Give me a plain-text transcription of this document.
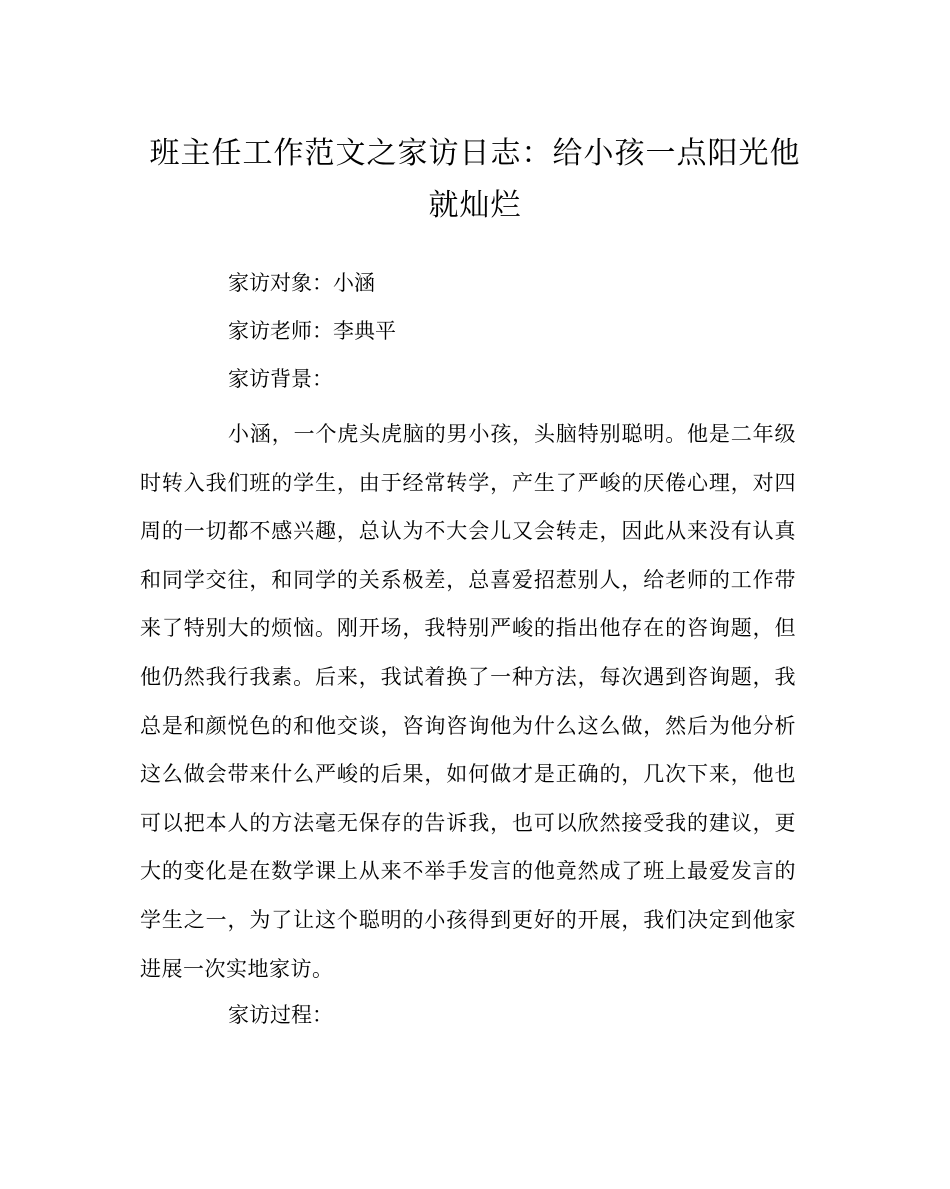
班主任工作范文之家访日志：给小孩一点阳光他就灿烂

家访对象：小涵

家访老师：李典平

家访背景：

小涵，一个虎头虎脑的男小孩，头脑特别聪明。他是二年级时转入我们班的学生，由于经常转学，产生了严峻的厌倦心理，对四周的一切都不感兴趣，总认为不大会儿又会转走，因此从来没有认真和同学交往，和同学的关系极差，总喜爱招惹别人，给老师的工作带来了特别大的烦恼。刚开场，我特别严峻的指出他存在的咨询题，但他仍然我行我素。后来，我试着换了一种方法，每次遇到咨询题，我总是和颜悦色的和他交谈，咨询咨询他为什么这么做，然后为他分析这么做会带来什么严峻的后果，如何做才是正确的，几次下来，他也可以把本人的方法毫无保存的告诉我，也可以欣然接受我的建议，更大的变化是在数学课上从来不举手发言的他竟然成了班上最爱发言的学生之一，为了让这个聪明的小孩得到更好的开展，我们决定到他家进展一次实地家访。

家访过程：
